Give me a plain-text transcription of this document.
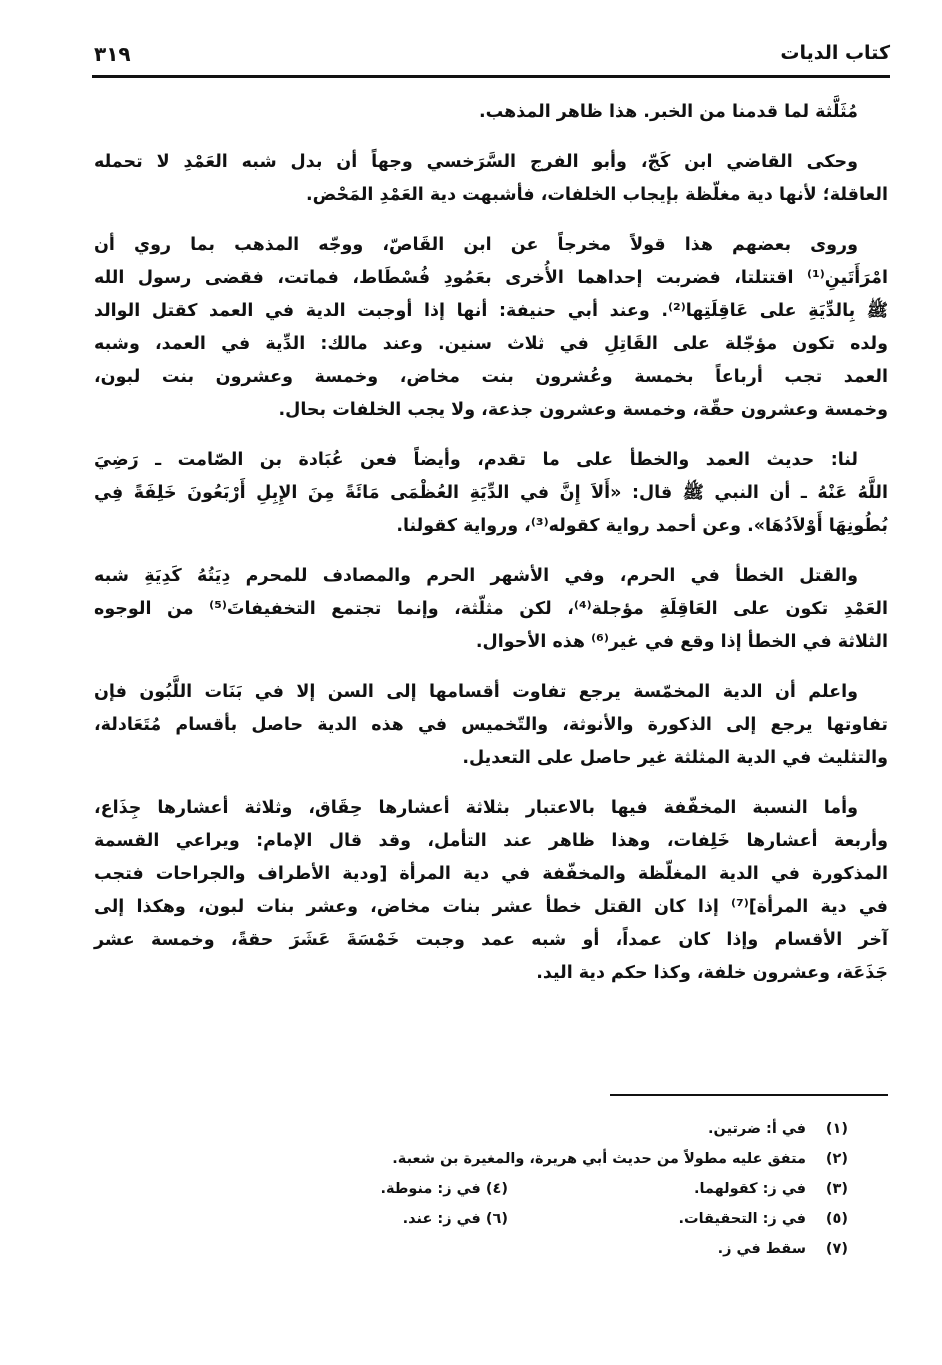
كتاب الديات
٣١٩
مُثَلَّثة لما قدمنا من الخبر. هذا ظاهر المذهب.
وحكى القاضي ابن كَجّ، وأبو الفرج السَّرَخسي وجهاً أن بدل شبه العَمْدِ لا تحمله
العاقلة؛ لأنها دية مغلّظة بإيجاب الخلفات، فأشبهت دية العَمْدِ المَحْض.
وروى بعضهم هذا قولاً مخرجاً عن ابن القَاصّ، ووجّه المذهب بما روي أن
امْرَأَتَينِ⁽¹⁾ اقتتلتا، فضربت إحداهما الأُخرى بعَمُودِ فُسْطَاط، فماتت، فقضى رسول الله
ﷺ بِالدِّيَةِ على عَاقِلَتِها⁽²⁾. وعند أبي حنيفة: أنها إذا أوجبت الدية في العمد كقتل الوالد
ولده تكون مؤجّلة على القَاتِلِ في ثلاث سنين. وعند مالك: الدِّية في العمد، وشبه
العمد تجب أرباعاً بخمسة وعُشرون بنت مخاض، وخمسة وعشرون بنت لبون،
وخمسة وعشرون حقّة، وخمسة وعشرون جذعة، ولا يجب الخلفات بحال.
لنا: حديث العمد والخطأ على ما تقدم، وأيضاً فعن عُبَادة بن الصّامت ـ رَضِيَ
اللَّهُ عَنْهُ ـ أن النبي ﷺ قال: «أَلاَ إِنَّ في الدِّيَةِ العُظْمَى مَائَةً مِنَ الإِبِلِ أَرْبَعُونَ خَلِفَةً فِي
بُطُونِهَا أَوْلاَدُهَا». وعن أحمد رواية كقوله⁽³⁾، ورواية كقولنا.
والقتل الخطأ في الحرم، وفي الأشهر الحرم والمصادف للمحرم دِيَتُهُ كَدِيَةِ شبه
العَمْدِ تكون على العَاقِلَةِ مؤجلة⁽⁴⁾، لكن مثلّثة، وإنما تجتمع التخفيفاتَ⁽⁵⁾ من الوجوه
الثلاثة في الخطأ إذا وقع في غير⁽⁶⁾ هذه الأحوال.
واعلم أن الدية المخمّسة يرجع تفاوت أقسامها إلى السن إلا في بَنَات اللَّبُون فإن
تفاوتها يرجع إلى الذكورة والأنوثة، والتّخميس في هذه الدية حاصل بأقسام مُتَعَادلة،
والتثليث في الدية المثلثة غير حاصل على التعديل.
وأما النسبة المخفّفة فيها بالاعتبار بثلاثة أعشارها حِقَاق، وثلاثة أعشارها جِذَاع،
وأربعة أعشارها خَلِفات، وهذا ظاهر عند التأمل، وقد قال الإمام: ويراعي القسمة
المذكورة في الدية المغلّظة والمخفّفة في دية المرأة [ودية الأطراف والجراحات فتجب
في دية المرأة]⁽⁷⁾ إذا كان القتل خطأ عشر بنات مخاض، وعشر بنات لبون، وهكذا إلى
آخر الأقسام وإذا كان عمداً، أو شبه عمد وجبت خَمْسَةَ عَشَرَ حقةً، وخمسة عشر
جَذَعَة، وعشرون خلفة، وكذا حكم دية اليد.
(١)في أ: ضرتين.
(٢)متفق عليه مطولاً من حديث أبي هريرة، والمغيرة بن شعبة.
(٣)في ز: كقولهما.
(٤) في ز: منوطة.
(٥)في ز: التحقيقات.
(٦) في ز: عند.
(٧)سقط في ز.
